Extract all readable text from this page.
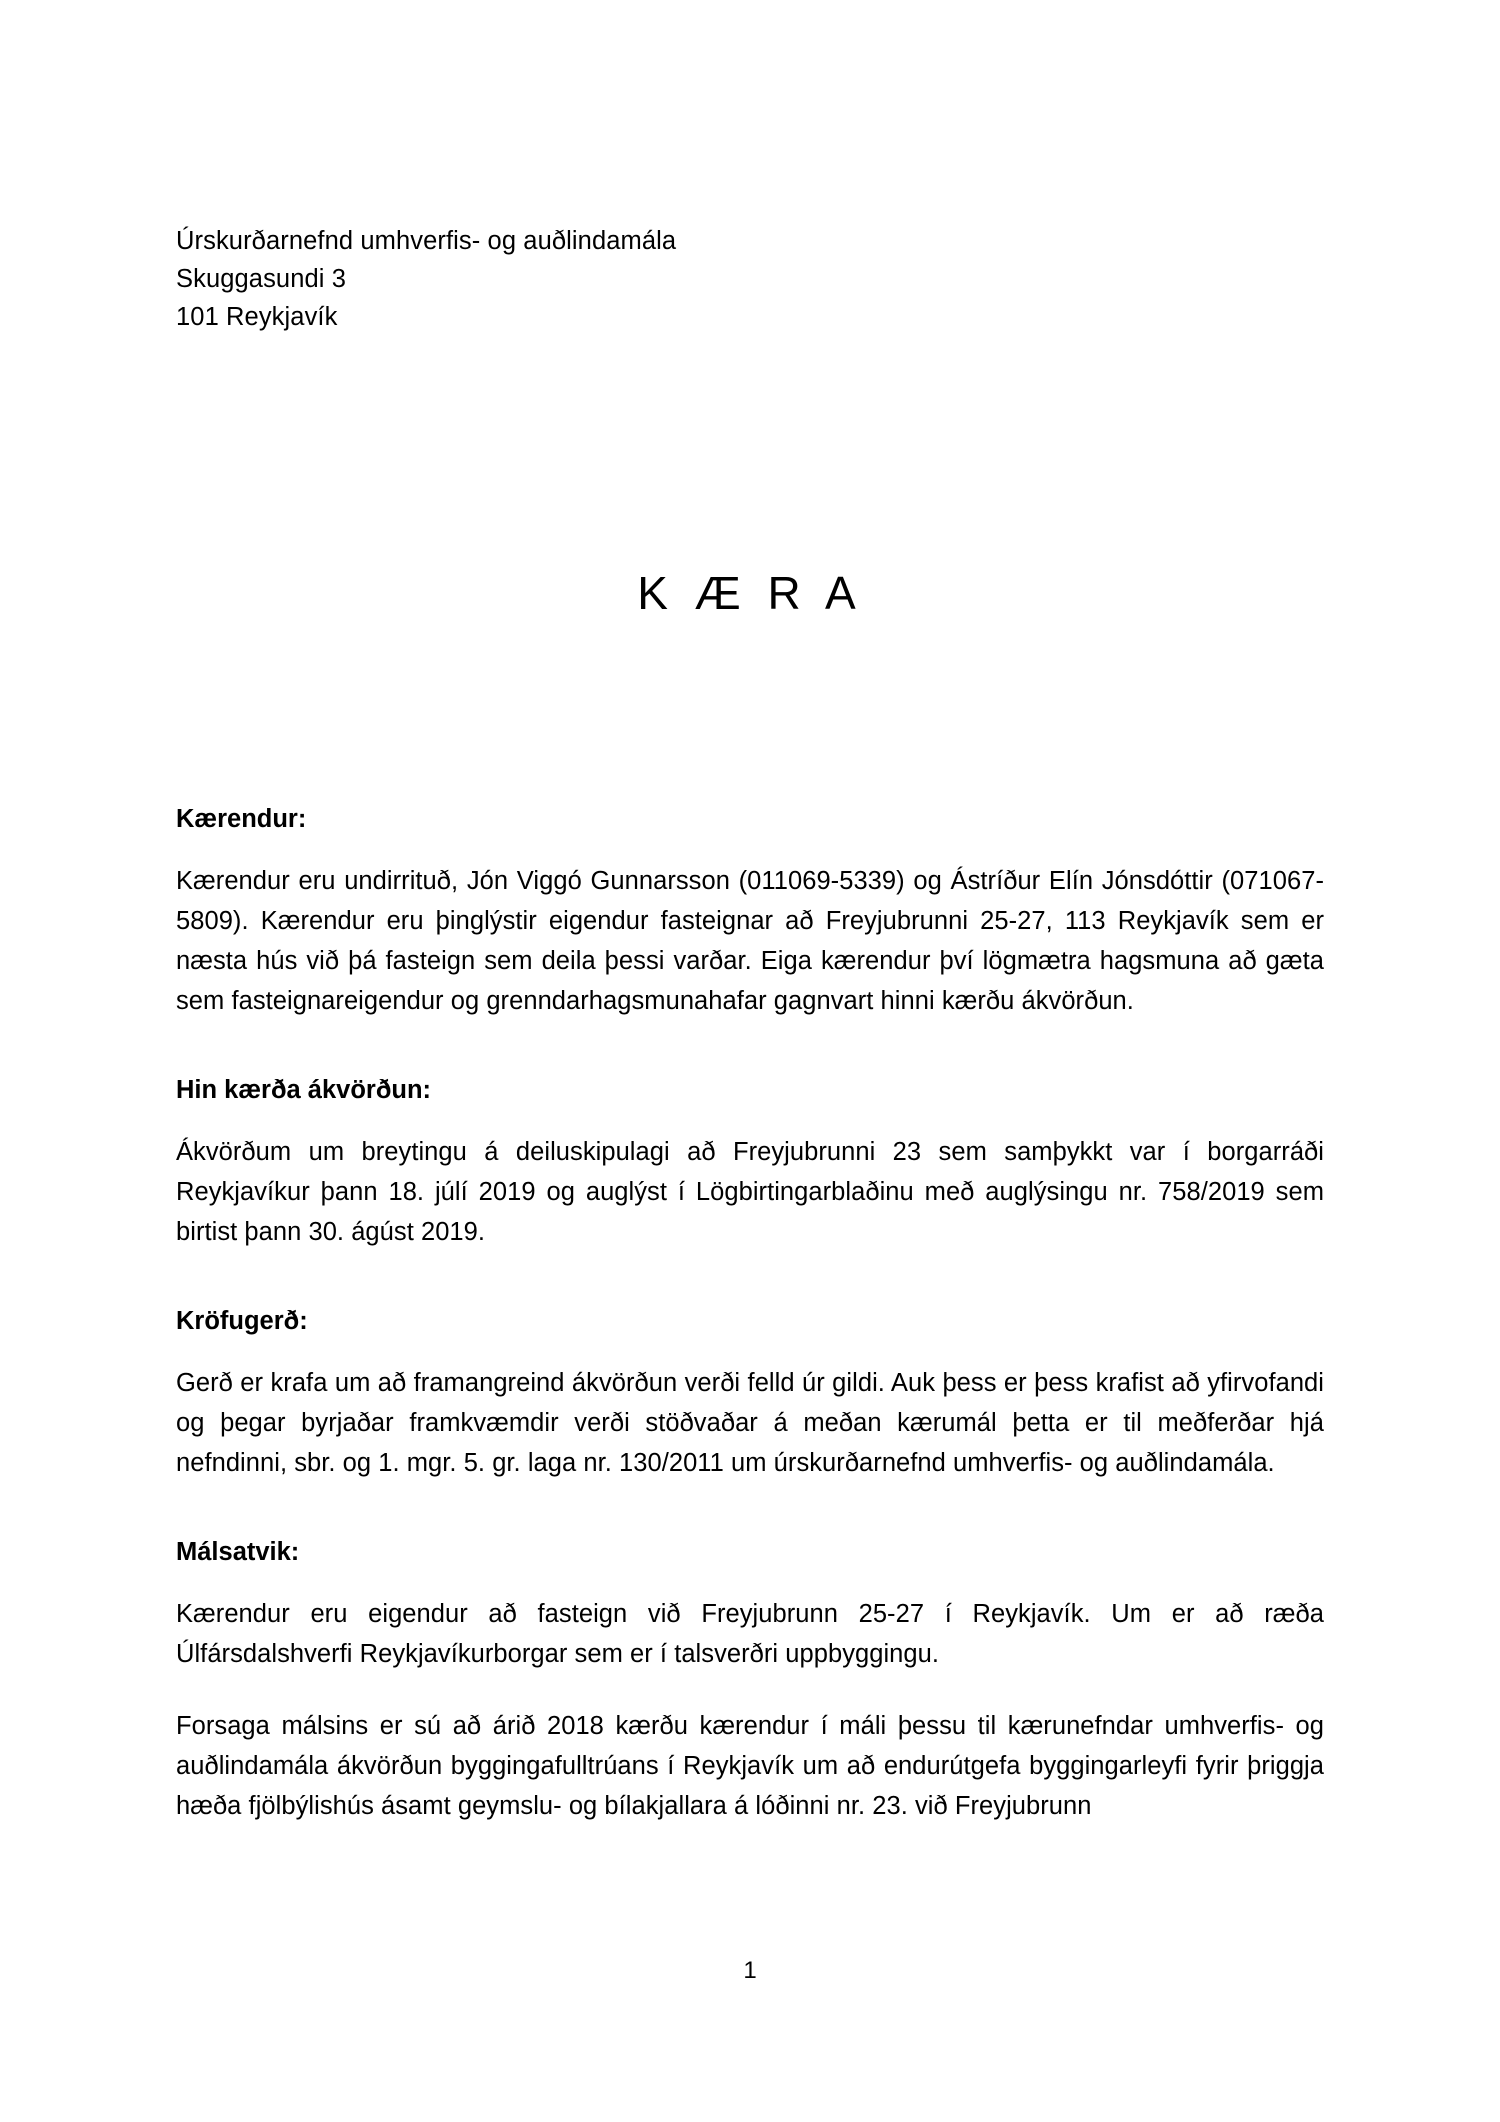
Úrskurðarnefnd umhverfis- og auðlindamála
Skuggasundi 3
101 Reykjavík
K Æ R A
Kærendur:

Kærendur eru undirrituð, Jón Viggó Gunnarsson (011069-5339) og Ástríður Elín Jónsdóttir (071067-5809). Kærendur eru þinglýstir eigendur fasteignar að Freyjubrunni 25-27, 113 Reykjavík sem er næsta hús við þá fasteign sem deila þessi varðar. Eiga kærendur því lögmætra hagsmuna að gæta sem fasteignareigendur og grenndarhagsmunahafar gagnvart hinni kærðu ákvörðun.

Hin kærða ákvörðun:

Ákvörðum um breytingu á deiluskipulagi að Freyjubrunni 23 sem samþykkt var í borgarráði Reykjavíkur þann 18. júlí 2019 og auglýst í Lögbirtingarblaðinu með auglýsingu nr. 758/2019 sem birtist þann 30. ágúst 2019.

Kröfugerð:

Gerð er krafa um að framangreind ákvörðun verði felld úr gildi. Auk þess er þess krafist að yfirvofandi og þegar byrjaðar framkvæmdir verði stöðvaðar á meðan kærumál þetta er til meðferðar hjá nefndinni, sbr. og 1. mgr. 5. gr. laga nr. 130/2011 um úrskurðarnefnd umhverfis- og auðlindamála.

Málsatvik:

Kærendur eru eigendur að fasteign við Freyjubrunn 25-27 í Reykjavík. Um er að ræða Úlfársdalshverfi Reykjavíkurborgar sem er í talsverðri uppbyggingu.

Forsaga málsins er sú að árið 2018 kærðu kærendur í máli þessu til kærunefndar umhverfis- og auðlindamála ákvörðun byggingafulltrúans í Reykjavík um að endurútgefa byggingarleyfi fyrir þriggja hæða fjölbýlishús ásamt geymslu- og bílakjallara á lóðinni nr. 23. við Freyjubrunn

1
